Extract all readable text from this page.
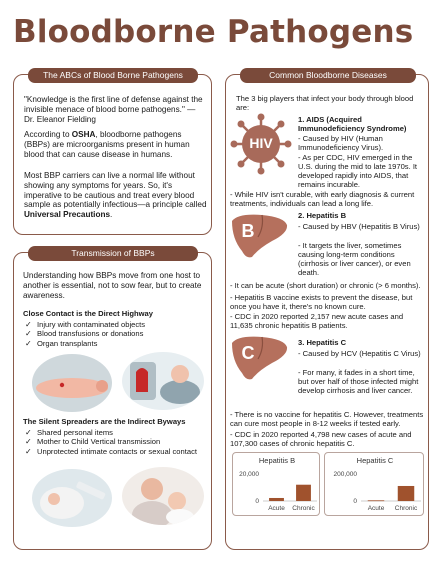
Bloodborne Pathogens
The ABCs of Blood Borne Pathogens
"Knowledge is the first line of defense against the invisible menace of blood borne pathogens." — Dr. Eleanor Fielding
According to OSHA, bloodborne pathogens (BBPs) are microorganisms present in human blood that can cause disease in humans.
Most BBP carriers can live a normal life without showing any symptoms for years. So, it's imperative to be cautious and treat every blood sample as potentially infectious—a principle called Universal Precautions.
Transmission of BBPs
Understanding how BBPs move from one host to another is essential, not to sow fear, but to create awareness.
Close Contact is the Direct Highway
✓ Injury with contaminated objects
✓ Blood transfusions or donations
✓ Organ transplants
The Silent Spreaders are the Indirect Byways
✓ Shared personal items
✓ Mother to Child Vertical transmission
✓ Unprotected intimate contacts or sexual contact
Common Bloodborne Diseases
The 3 big players that infect your body through blood are:
HIV
1. AIDS (Acquired Immunodeficiency Syndrome)
- Caused by HIV (Human Immunodeficiency Virus).
- As per CDC, HIV emerged in the U.S. during the mid to late 1970s. It developed rapidly into AIDS, that remains incurable.
- While HIV isn't curable, with early diagnosis & current treatments, individuals can lead a long life.
B
2. Hepatitis B
- Caused by HBV (Hepatitis B Virus)
- It targets the liver, sometimes causing long-term conditions (cirrhosis or liver cancer), or even death.
- It can be acute (short duration) or chronic (> 6 months).
- Hepatitis B vaccine exists to prevent the disease, but once you have it, there's no known cure.
- CDC in 2020 reported 2,157 new acute cases and 11,635 chronic hepatitis B patients.
C
3. Hepatitis C
- Caused by HCV (Hepatitis C Virus)
- For many, it fades in a short time, but over half of those infected might develop cirrhosis and liver cancer.
- There is no vaccine for hepatitis C. However, treatments can cure most people in 8-12 weeks if tested early.
- CDC in 2020 reported 4,798 new cases of acute and 107,300 cases of chronic hepatitis C.
Hepatitis B
20,000
0
Acute Chronic
Hepatitis C
200,000
0
Acute Chronic
